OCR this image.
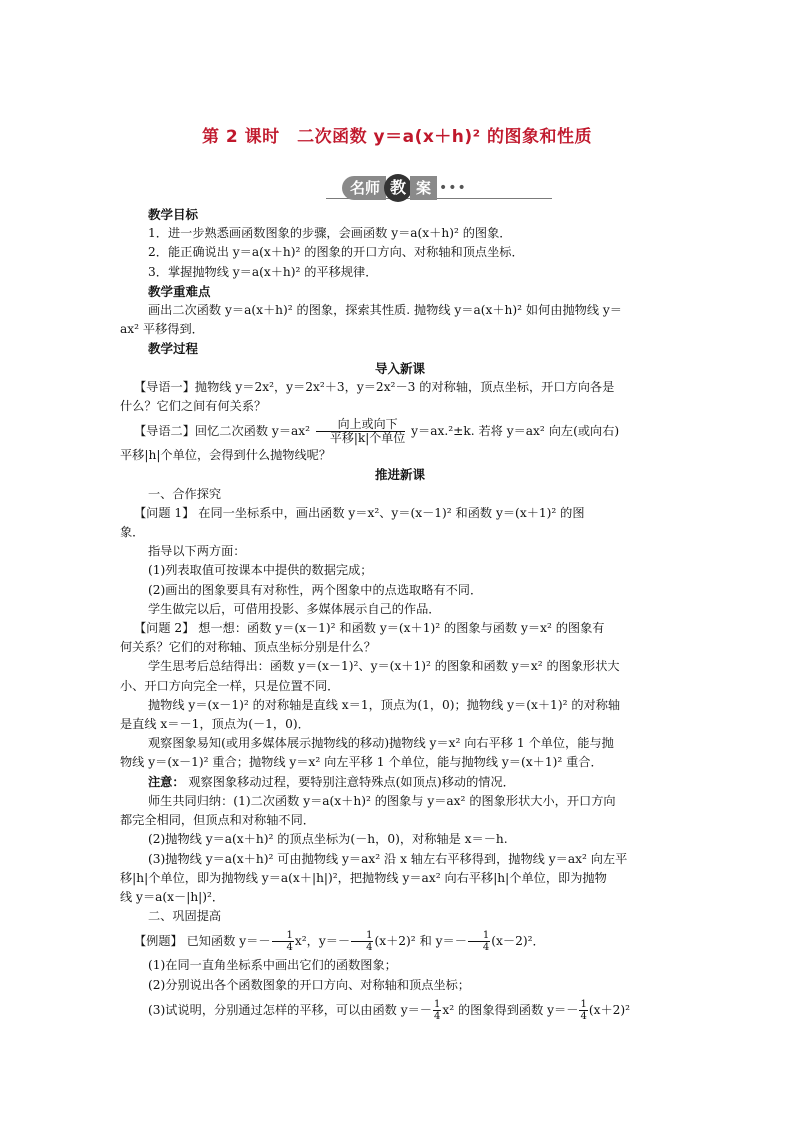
第 2 课时　二次函数 y＝a(x＋h)² 的图象和性质
名师 教 案 •••

教学目标

1．进一步熟悉画函数图象的步骤，会画函数 y＝a(x＋h)² 的图象．

2．能正确说出 y＝a(x＋h)² 的图象的开口方向、对称轴和顶点坐标．

3．掌握抛物线 y＝a(x＋h)² 的平移规律．

教学重难点

画出二次函数 y＝a(x＋h)² 的图象，探索其性质. 抛物线 y＝a(x＋h)² 如何由抛物线 y＝

ax² 平移得到．

教学过程

导入新课

【导语一】抛物线 y＝2x²，y＝2x²＋3，y＝2x²－3 的对称轴，顶点坐标，开口方向各是

什么？它们之间有何关系？

【导语二】回忆二次函数 y＝ax²	向上或向下
平移|k|个单位 y＝ax.²±k. 若将 y＝ax² 向左(或向右)

平移|h|个单位，会得到什么抛物线呢？

推进新课

一、合作探究

【问题 1】 在同一坐标系中，画出函数 y＝x²、y＝(x－1)² 和函数 y＝(x＋1)² 的图

象．

指导以下两方面：

(1)列表取值可按课本中提供的数据完成；

(2)画出的图象要具有对称性，两个图象中的点选取略有不同．

学生做完以后，可借用投影、多媒体展示自己的作品．

【问题 2】 想一想：函数 y＝(x－1)² 和函数 y＝(x＋1)² 的图象与函数 y＝x² 的图象有

何关系？它们的对称轴、顶点坐标分别是什么？

学生思考后总结得出：函数 y＝(x－1)²、y＝(x＋1)² 的图象和函数 y＝x² 的图象形状大

小、开口方向完全一样，只是位置不同．

抛物线 y＝(x－1)² 的对称轴是直线 x＝1，顶点为(1，0)；抛物线 y＝(x＋1)² 的对称轴

是直线 x＝－1，顶点为(－1，0)．

观察图象易知(或用多媒体展示抛物线的移动)抛物线 y＝x² 向右平移 1 个单位，能与抛

物线 y＝(x－1)² 重合；抛物线 y＝x² 向左平移 1 个单位，能与抛物线 y＝(x＋1)² 重合．

注意： 观察图象移动过程，要特别注意特殊点(如顶点)移动的情况．

师生共同归纳：(1)二次函数 y＝a(x＋h)² 的图象与 y＝ax² 的图象形状大小，开口方向

都完全相同，但顶点和对称轴不同．

(2)抛物线 y＝a(x＋h)² 的顶点坐标为(－h，0)，对称轴是 x＝－h.

(3)抛物线 y＝a(x＋h)² 可由抛物线 y＝ax² 沿 x 轴左右平移得到，抛物线 y＝ax² 向左平

移|h|个单位，即为抛物线 y＝a(x＋|h|)²，把抛物线 y＝ax² 向右平移|h|个单位，即为抛物

线 y＝a(x－|h|)²．

二、巩固提高

【例题】 已知函数 $y=- \frac{1}{4} x^2$，$y=- \frac{1}{4} (x+2)^2$ 和 $y=- \frac{1}{4} (x-2)^2$．

(1)在同一直角坐标系中画出它们的函数图象；

(2)分别说出各个函数图象的开口方向、对称轴和顶点坐标；

(3)试说明，分别通过怎样的平移，可以由函数 $y=- \frac{1}{4} x^2$ 的图象得到函数 $y=- \frac{1}{4} (x+2)^2$
